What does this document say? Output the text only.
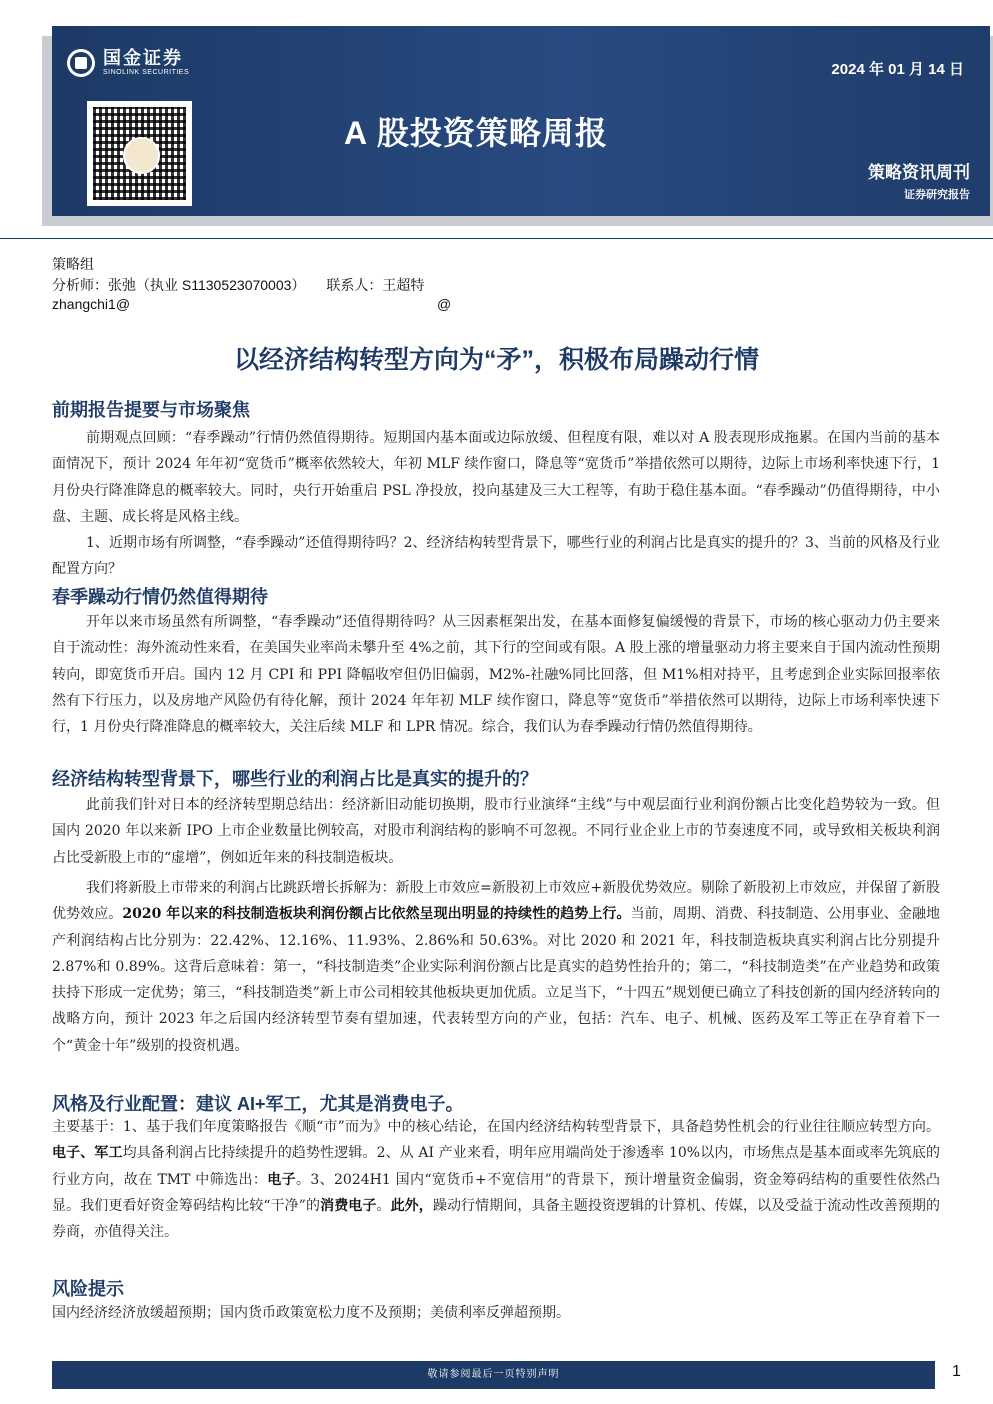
国金证券
SINOLINK SECURITIES	2024 年 01 月 14 日
A 股投资策略周报
策略资讯周刊
证券研究报告
策略组
分析师：张弛（执业 S1130523070003）　　联系人：王超特
zhangchi1@	@
以经济结构转型方向为“矛”，积极布局躁动行情
前期报告提要与市场聚焦
前期观点回顾：“春季躁动”行情仍然值得期待。短期国内基本面或边际放缓、但程度有限，难以对 A 股表现形成拖累。在国内当前的基本面情况下，预计 2024 年年初“宽货币”概率依然较大，年初 MLF 续作窗口，降息等“宽货币”举措依然可以期待，边际上市场利率快速下行，1 月份央行降准降息的概率较大。同时，央行开始重启 PSL 净投放，投向基建及三大工程等，有助于稳住基本面。“春季躁动”仍值得期待，中小盘、主题、成长将是风格主线。
1、近期市场有所调整，“春季躁动”还值得期待吗？2、经济结构转型背景下，哪些行业的利润占比是真实的提升的？3、当前的风格及行业配置方向？
春季躁动行情仍然值得期待
开年以来市场虽然有所调整，“春季躁动”还值得期待吗？从三因素框架出发，在基本面修复偏缓慢的背景下，市场的核心驱动力仍主要来自于流动性：海外流动性来看，在美国失业率尚未攀升至 4%之前，其下行的空间或有限。A 股上涨的增量驱动力将主要来自于国内流动性预期转向，即宽货币开启。国内 12 月 CPI 和 PPI 降幅收窄但仍旧偏弱，M2%-社融%同比回落，但 M1%相对持平，且考虑到企业实际回报率依然有下行压力，以及房地产风险仍有待化解，预计 2024 年年初 MLF 续作窗口，降息等“宽货币”举措依然可以期待，边际上市场利率快速下行，1 月份央行降准降息的概率较大，关注后续 MLF 和 LPR 情况。综合，我们认为春季躁动行情仍然值得期待。
经济结构转型背景下，哪些行业的利润占比是真实的提升的？
此前我们针对日本的经济转型期总结出：经济新旧动能切换期，股市行业演绎“主线”与中观层面行业利润份额占比变化趋势较为一致。但国内 2020 年以来新 IPO 上市企业数量比例较高，对股市利润结构的影响不可忽视。不同行业企业上市的节奏速度不同，或导致相关板块利润占比受新股上市的“虚增”，例如近年来的科技制造板块。
我们将新股上市带来的利润占比跳跃增长拆解为：新股上市效应=新股初上市效应+新股优势效应。剔除了新股初上市效应，并保留了新股优势效应。2020 年以来的科技制造板块利润份额占比依然呈现出明显的持续性的趋势上行。当前，周期、消费、科技制造、公用事业、金融地产利润结构占比分别为：22.42%、12.16%、11.93%、2.86%和 50.63%。对比 2020 和 2021 年，科技制造板块真实利润占比分别提升 2.87%和 0.89%。这背后意味着：第一，“科技制造类”企业实际利润份额占比是真实的趋势性抬升的；第二，“科技制造类”在产业趋势和政策扶持下形成一定优势；第三，“科技制造类”新上市公司相较其他板块更加优质。立足当下，“十四五”规划便已确立了科技创新的国内经济转向的战略方向，预计 2023 年之后国内经济转型节奏有望加速，代表转型方向的产业，包括：汽车、电子、机械、医药及军工等正在孕育着下一个“黄金十年”级别的投资机遇。
风格及行业配置：建议 AI+军工，尤其是消费电子。
主要基于：1、基于我们年度策略报告《顺“市”而为》中的核心结论，在国内经济结构转型背景下，具备趋势性机会的行业往往顺应转型方向。电子、军工均具备利润占比持续提升的趋势性逻辑。2、从 AI 产业来看，明年应用端尚处于渗透率 10%以内，市场焦点是基本面或率先筑底的行业方向，故在 TMT 中筛选出：电子。3、2024H1 国内“宽货币+不宽信用”的背景下，预计增量资金偏弱，资金筹码结构的重要性依然凸显。我们更看好资金筹码结构比较“干净”的消费电子。此外，躁动行情期间，具备主题投资逻辑的计算机、传媒，以及受益于流动性改善预期的券商，亦值得关注。
风险提示
国内经济经济放缓超预期；国内货币政策宽松力度不及预期；美债利率反弹超预期。
敬请参阅最后一页特别声明	1
